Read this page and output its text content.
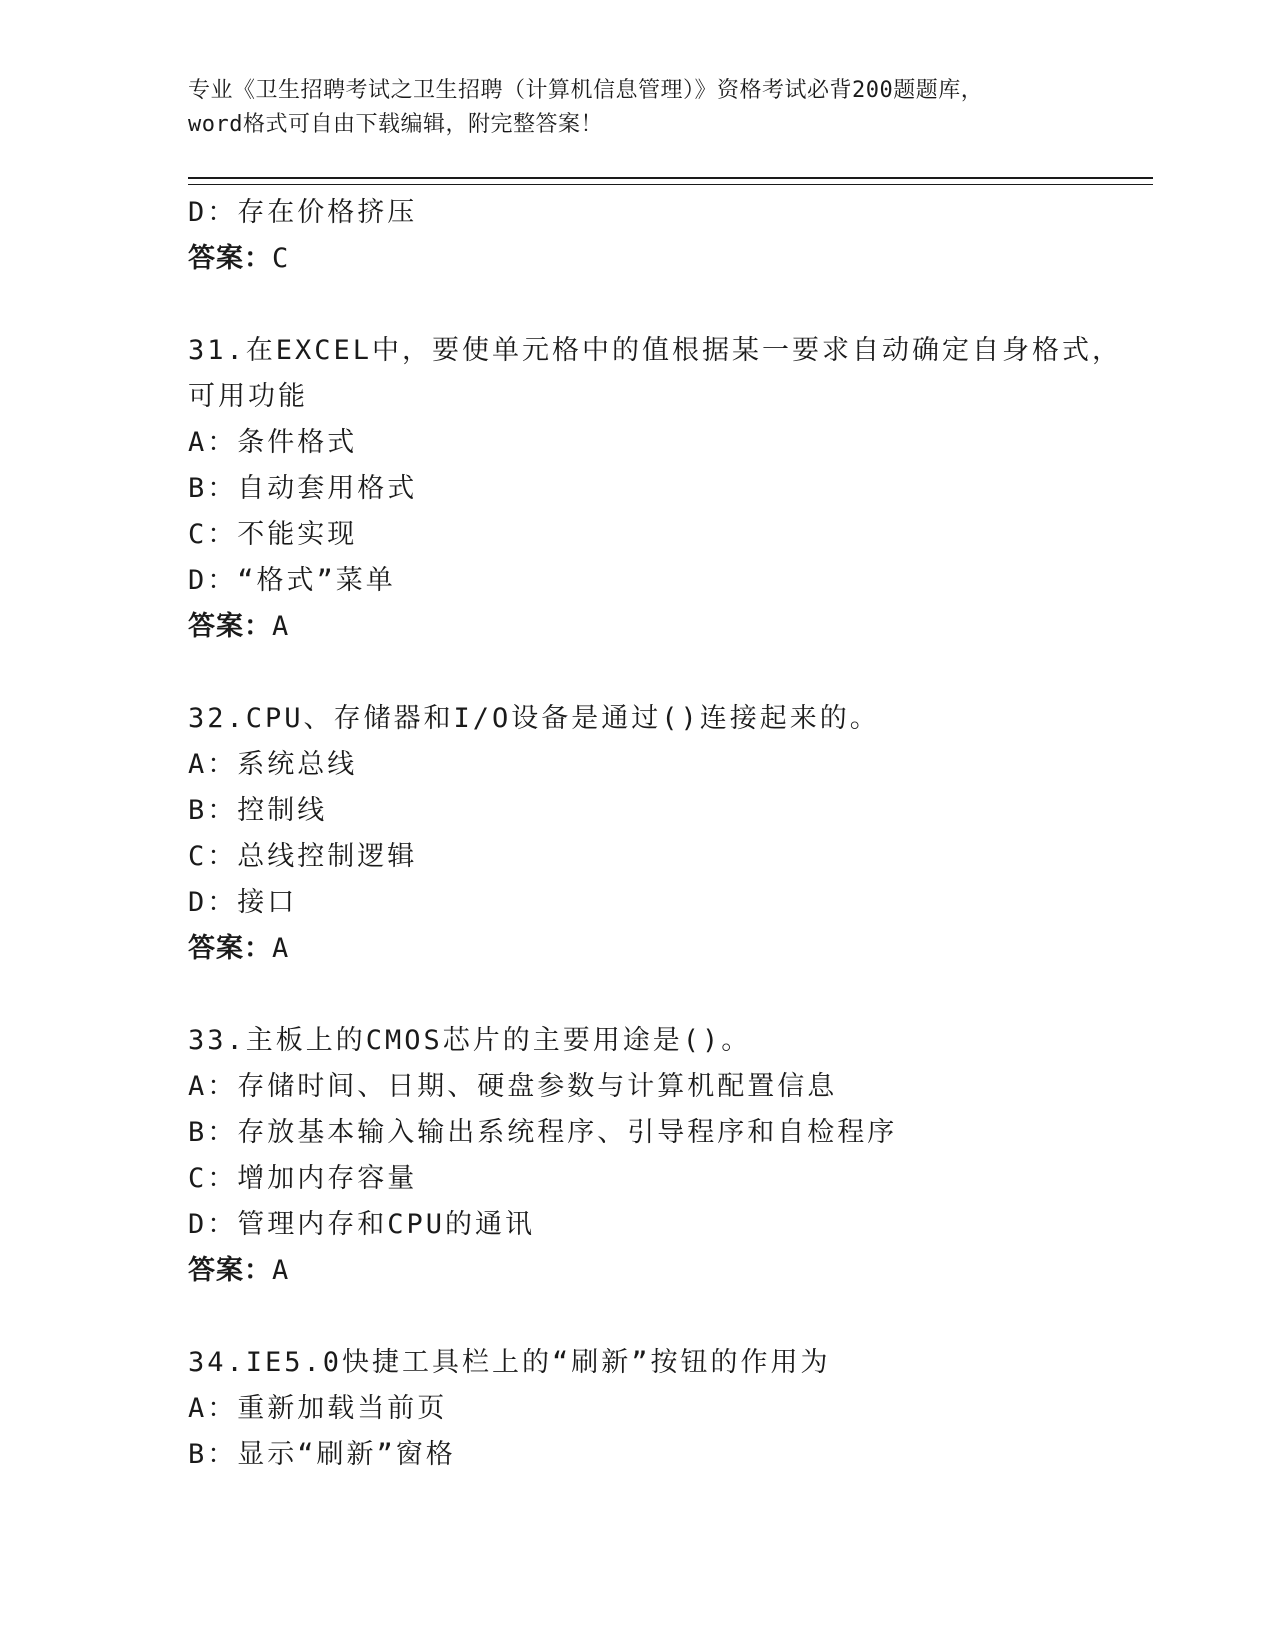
专业《卫生招聘考试之卫生招聘（计算机信息管理）》资格考试必背200题题库，
word格式可自由下载编辑，附完整答案！
D：存在价格挤压
答案：C
31.在EXCEL中，要使单元格中的值根据某一要求自动确定自身格式，
可用功能
A：条件格式
B：自动套用格式
C：不能实现
D：“格式”菜单
答案：A
32.CPU、存储器和I/O设备是通过()连接起来的。
A：系统总线
B：控制线
C：总线控制逻辑
D：接口
答案：A
33.主板上的CMOS芯片的主要用途是()。
A：存储时间、日期、硬盘参数与计算机配置信息
B：存放基本输入输出系统程序、引导程序和自检程序
C：增加内存容量
D：管理内存和CPU的通讯
答案：A
34.IE5.0快捷工具栏上的“刷新”按钮的作用为
A：重新加载当前页
B：显示“刷新”窗格
